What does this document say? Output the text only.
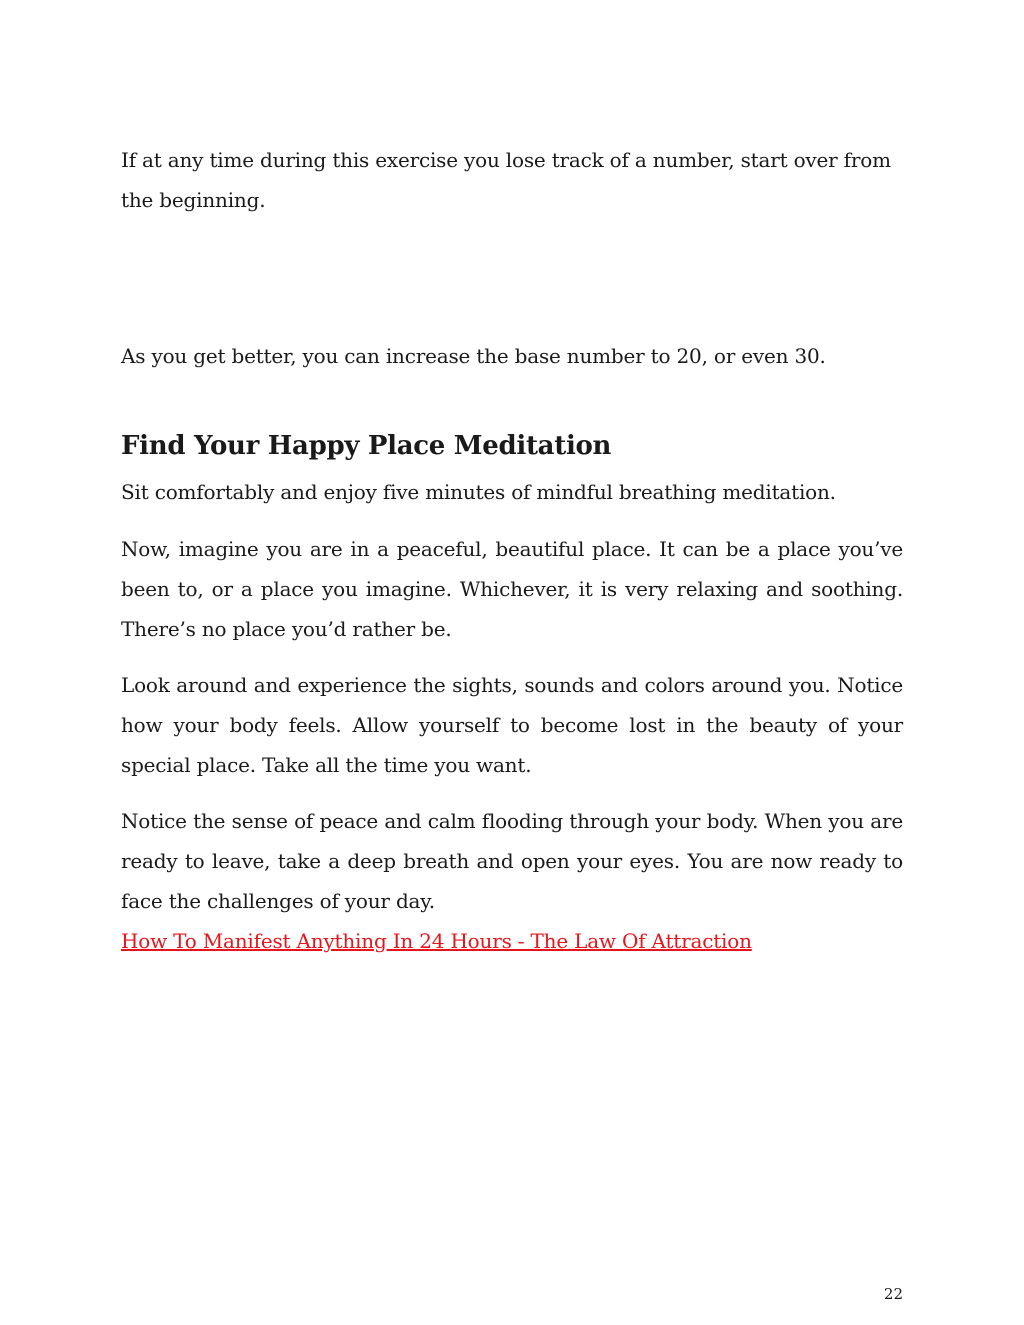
If at any time during this exercise you lose track of a number, start over from the beginning.

As you get better, you can increase the base number to 20, or even 30.

Find Your Happy Place Meditation

Sit comfortably and enjoy five minutes of mindful breathing meditation.

Now, imagine you are in a peaceful, beautiful place. It can be a place you’ve been to, or a place you imagine. Whichever, it is very relaxing and soothing. There’s no place you’d rather be.

Look around and experience the sights, sounds and colors around you. Notice how your body feels. Allow yourself to become lost in the beauty of your special place. Take all the time you want.

Notice the sense of peace and calm flooding through your body. When you are ready to leave, take a deep breath and open your eyes. You are now ready to face the challenges of your day.

How To Manifest Anything In 24 Hours - The Law Of Attraction
22
